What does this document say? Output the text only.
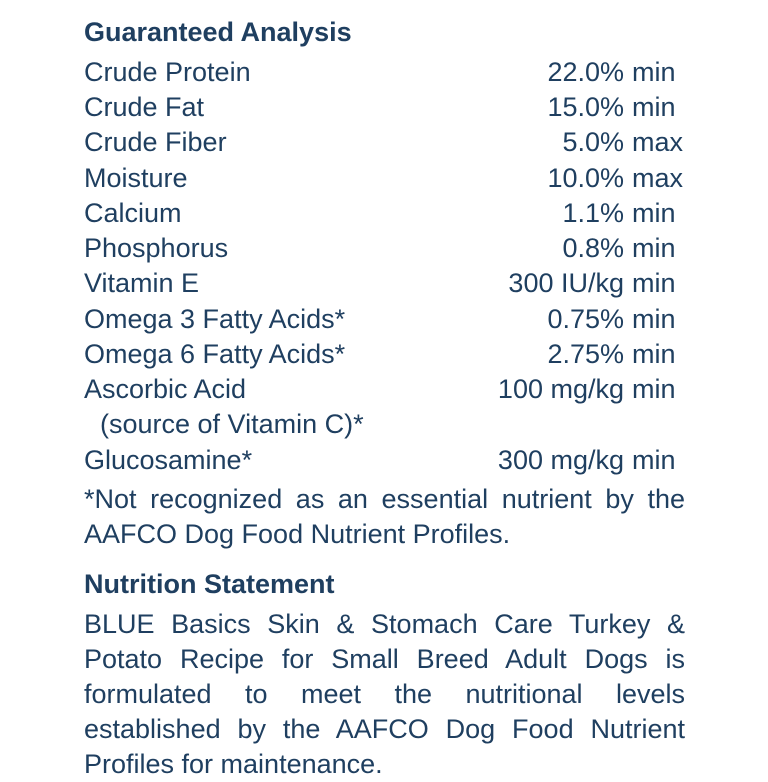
Guaranteed Analysis
Crude Protein	22.0% min
Crude Fat	15.0% min
Crude Fiber	5.0% max
Moisture	10.0% max
Calcium	1.1% min
Phosphorus	0.8% min
Vitamin E	300 IU/kg min
Omega 3 Fatty Acids*	0.75% min
Omega 6 Fatty Acids*	2.75% min
Ascorbic Acid	100 mg/kg min
(source of Vitamin C)*
Glucosamine*	300 mg/kg min
*Not recognized as an essential nutrient by the AAFCO Dog Food Nutrient Profiles.
Nutrition Statement
BLUE Basics Skin & Stomach Care Turkey & Potato Recipe for Small Breed Adult Dogs is formulated to meet the nutritional levels established by the AAFCO Dog Food Nutrient Profiles for maintenance.
